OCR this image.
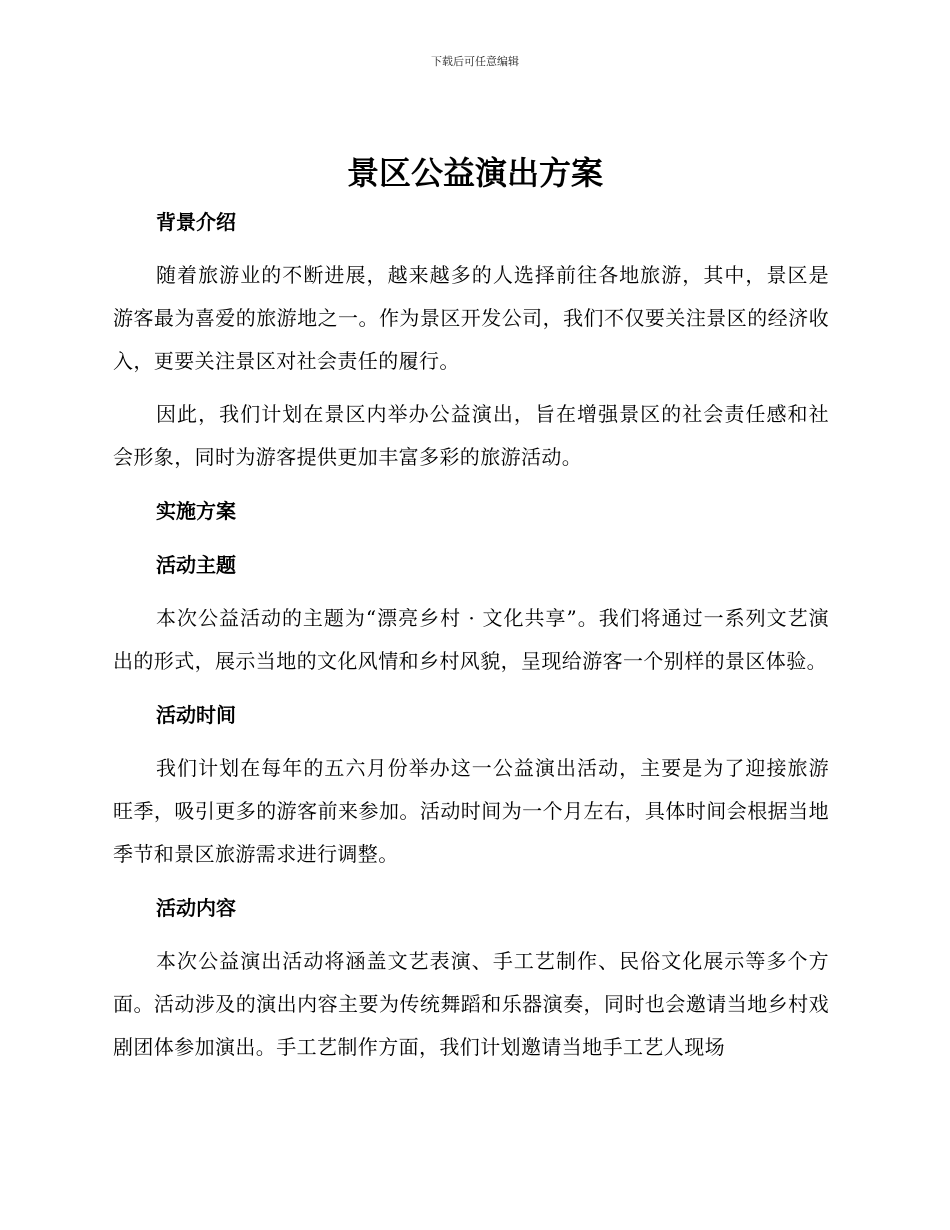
下载后可任意编辑
景区公益演出方案
背景介绍

随着旅游业的不断进展，越来越多的人选择前往各地旅游，其中，景区是游客最为喜爱的旅游地之一。作为景区开发公司，我们不仅要关注景区的经济收入，更要关注景区对社会责任的履行。

因此，我们计划在景区内举办公益演出，旨在增强景区的社会责任感和社会形象，同时为游客提供更加丰富多彩的旅游活动。

实施方案
活动主题

本次公益活动的主题为“漂亮乡村 · 文化共享”。我们将通过一系列文艺演出的形式，展示当地的文化风情和乡村风貌，呈现给游客一个别样的景区体验。

活动时间

我们计划在每年的五六月份举办这一公益演出活动，主要是为了迎接旅游旺季，吸引更多的游客前来参加。活动时间为一个月左右，具体时间会根据当地季节和景区旅游需求进行调整。

活动内容

本次公益演出活动将涵盖文艺表演、手工艺制作、民俗文化展示等多个方面。活动涉及的演出内容主要为传统舞蹈和乐器演奏，同时也会邀请当地乡村戏剧团体参加演出。手工艺制作方面，我们计划邀请当地手工艺人现场
